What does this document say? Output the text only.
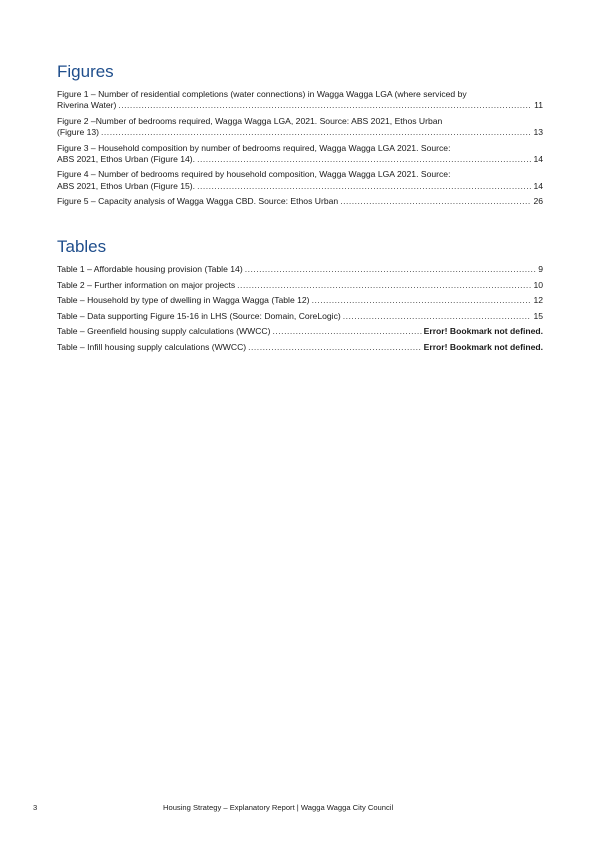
Figures
Figure 1 – Number of residential completions (water connections) in Wagga Wagga LGA (where serviced by
Riverina Water) .....	11
Figure 2 –Number of bedrooms required, Wagga Wagga LGA, 2021. Source: ABS 2021, Ethos Urban
(Figure 13) .....	13
Figure 3 – Household composition by number of bedrooms required, Wagga Wagga LGA 2021. Source:
ABS 2021, Ethos Urban (Figure 14). .....	14
Figure 4 – Number of bedrooms required by household composition, Wagga Wagga LGA 2021. Source:
ABS 2021, Ethos Urban (Figure 15). .....	14
Figure 5 – Capacity analysis of Wagga Wagga CBD. Source: Ethos Urban .....	26
Tables
Table 1 – Affordable housing provision (Table 14) .....	9
Table 2 – Further information on major projects .....	10
Table – Household by type of dwelling in Wagga Wagga (Table 12) .....	12
Table – Data supporting Figure 15-16 in LHS (Source: Domain, CoreLogic) .....	15
Table – Greenfield housing supply calculations (WWCC) .....	Error! Bookmark not defined.
Table – Infill housing supply calculations (WWCC) .....	Error! Bookmark not defined.
3	Housing Strategy – Explanatory Report | Wagga Wagga City Council
